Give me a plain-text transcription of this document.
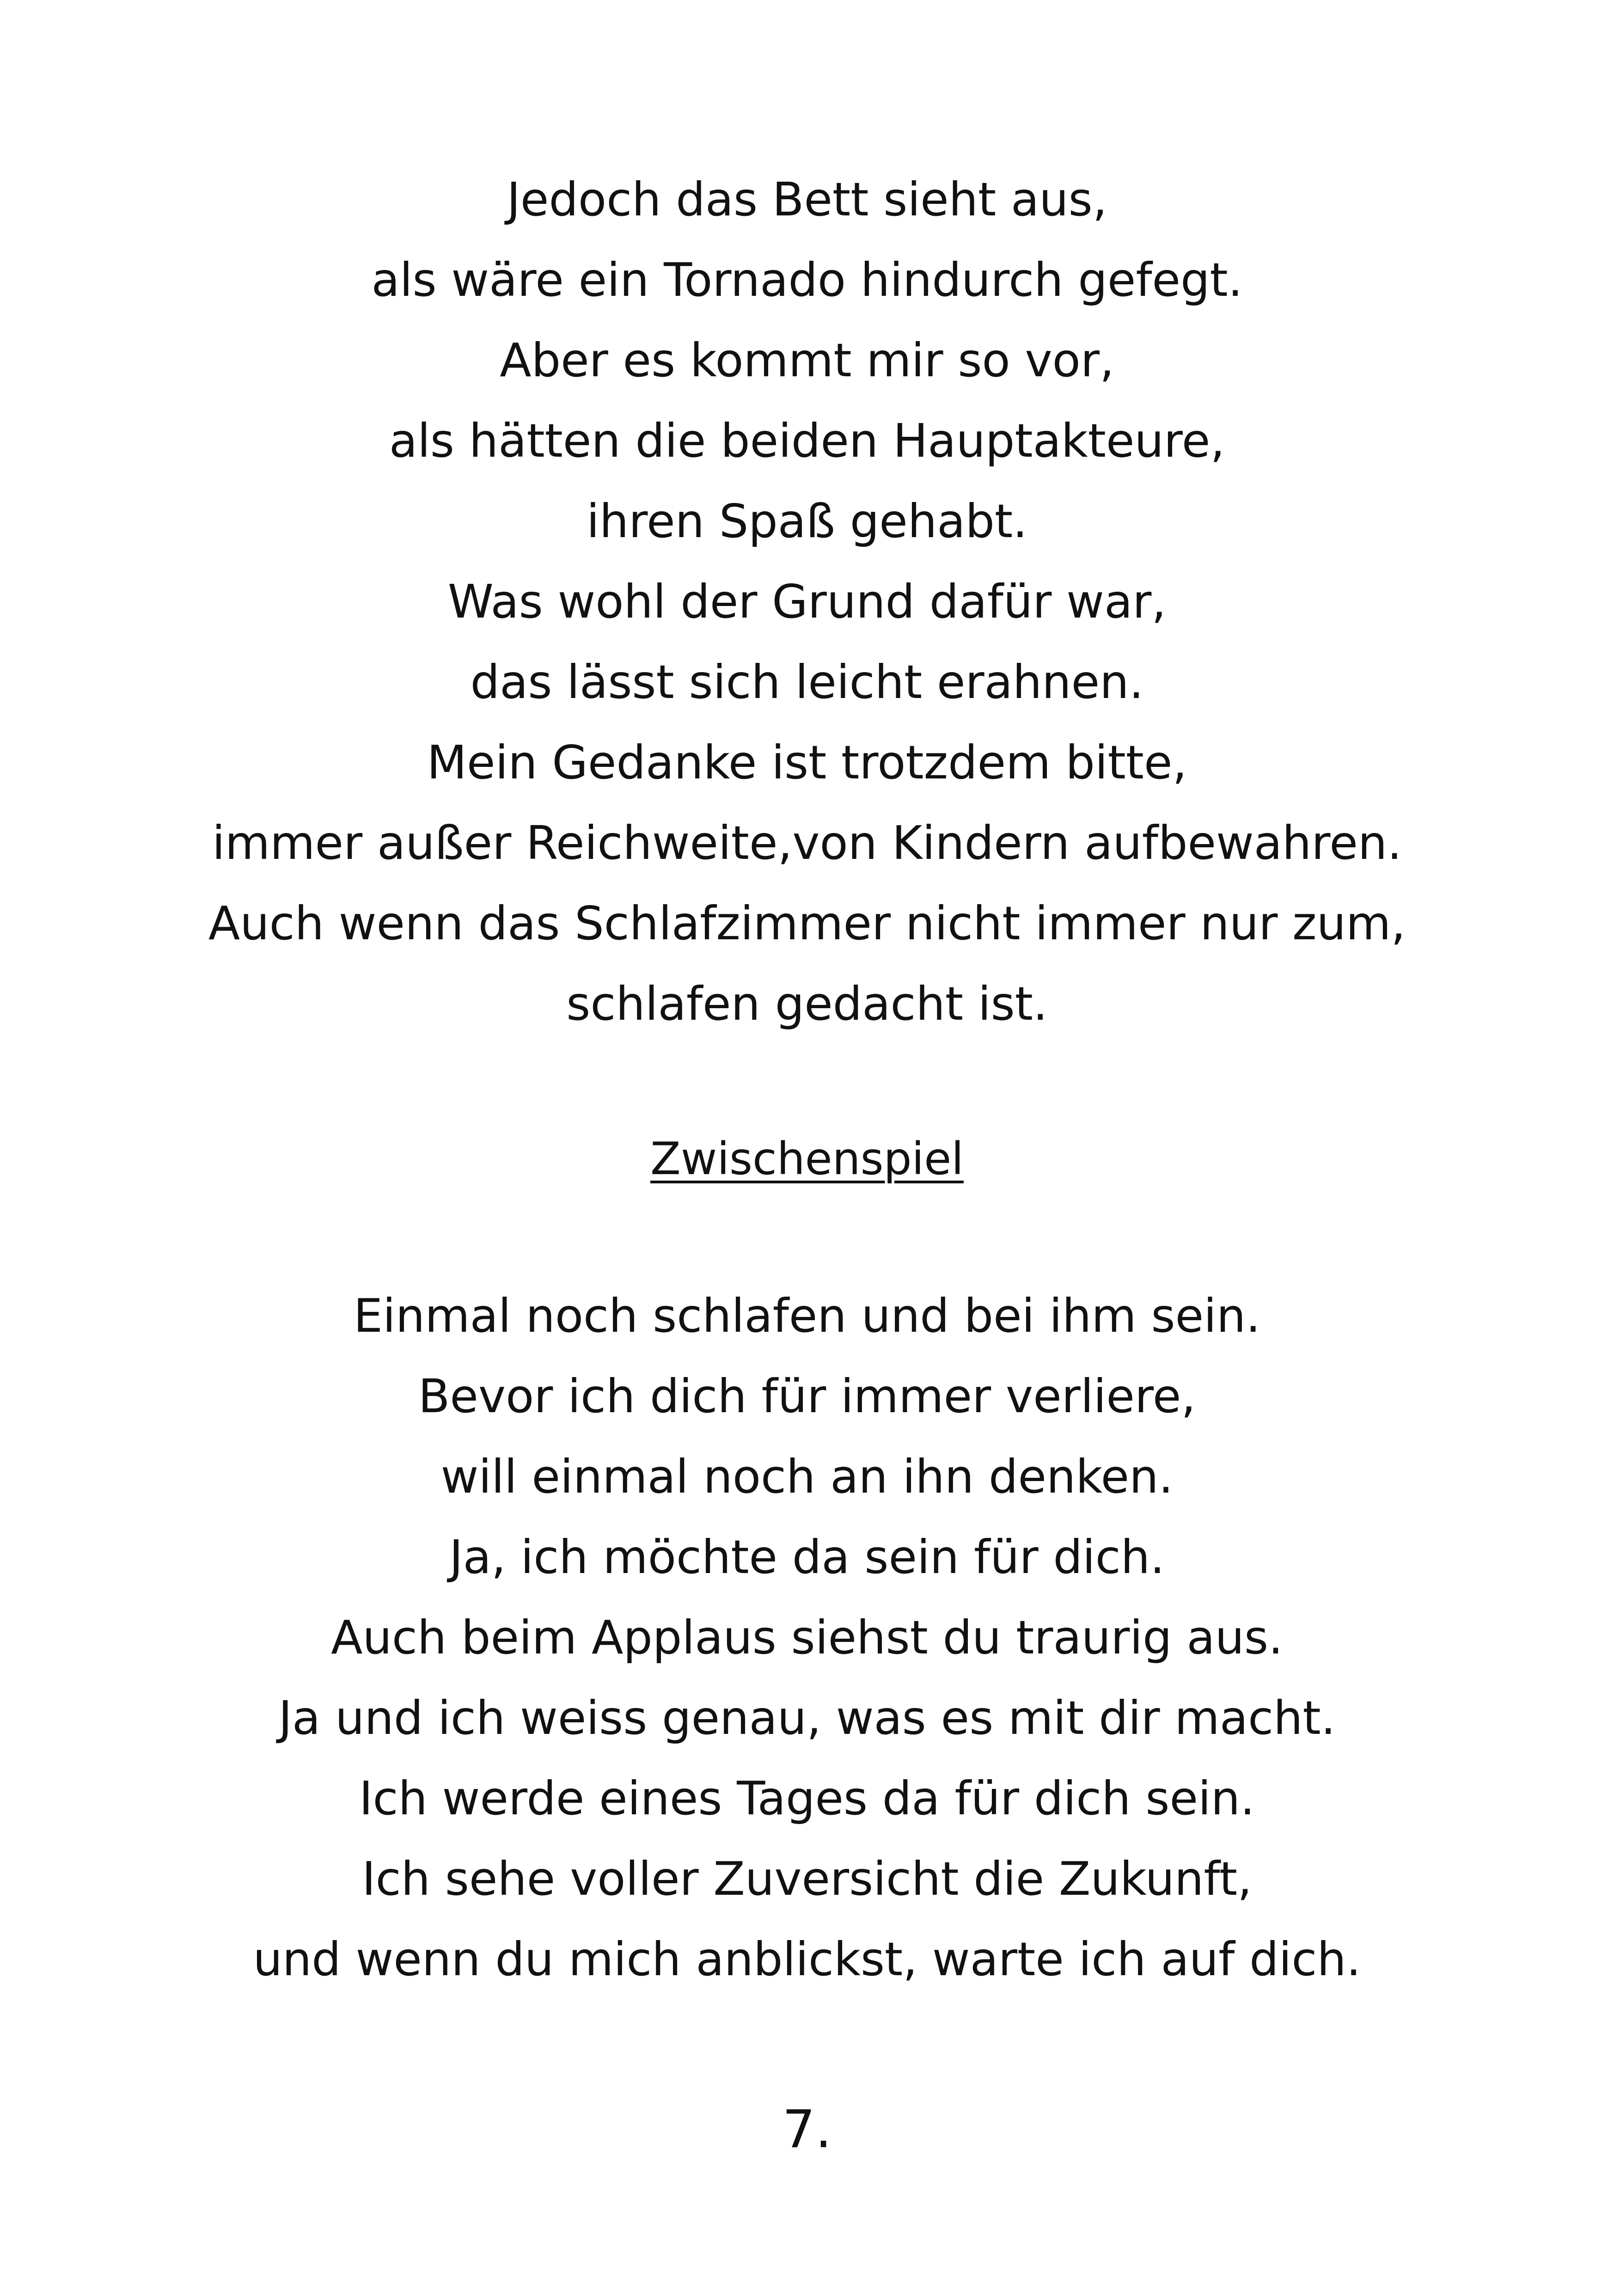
Jedoch das Bett sieht aus,
als wäre ein Tornado hindurch gefegt.
Aber es kommt mir so vor,
als hätten die beiden Hauptakteure,
ihren Spaß gehabt.
Was wohl der Grund dafür war,
das lässt sich leicht erahnen.
Mein Gedanke ist trotzdem bitte,
immer außer Reichweite,von Kindern aufbewahren.
Auch wenn das Schlafzimmer nicht immer nur zum,
schlafen gedacht ist.
Zwischenspiel
Einmal noch schlafen und bei ihm sein.
Bevor ich dich für immer verliere,
will einmal noch an ihn denken.
Ja, ich möchte da sein für dich.
Auch beim Applaus siehst du traurig aus.
Ja und ich weiss genau, was es mit dir macht.
Ich werde eines Tages da für dich sein.
Ich sehe voller Zuversicht die Zukunft,
und wenn du mich anblickst, warte ich auf dich.
7.
